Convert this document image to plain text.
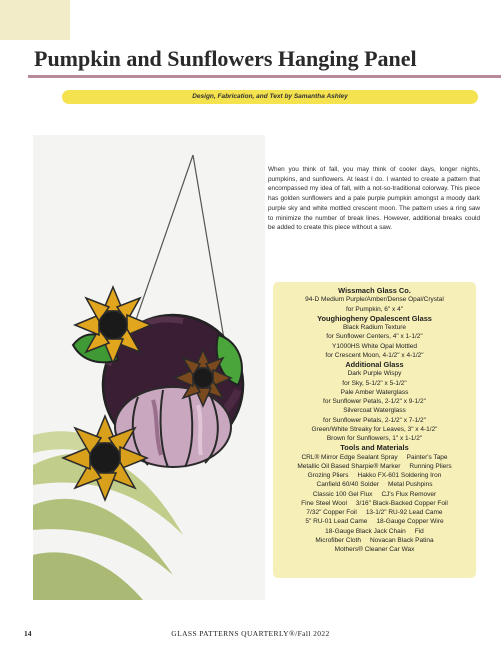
Pumpkin and Sunflowers Hanging Panel
Design, Fabrication, and Text by Samantha Ashley
When you think of fall, you may think of cooler days, longer nights, pumpkins, and sunflowers. At least I do. I wanted to create a pattern that encompassed my idea of fall, with a not-so-traditional colorway. This piece has golden sunflowers and a pale purple pumpkin amongst a moody dark purple sky and white mottled crescent moon. The pattern uses a ring saw to minimize the number of break lines. However, additional breaks could be added to create this piece without a saw.
Wissmach Glass Co.
94-D Medium Purple/Amber/Dense Opal/Crystal
for Pumpkin, 6" x 4"
Youghiogheny Opalescent Glass
Black Radium Texture
for Sunflower Centers, 4" x 1-1/2"
Y1000HS White Opal Mottled
for Crescent Moon, 4-1/2" x 4-1/2"
Additional Glass
Dark Purple Wispy
for Sky, 5-1/2" x 5-1/2"
Pale Amber Waterglass
for Sunflower Petals, 2-1/2" x 9-1/2"
Silvercoat Waterglass
for Sunflower Petals, 2-1/2" x 7-1/2"
Green/White Streaky for Leaves, 3" x 4-1/2"
Brown for Sunflowers, 1" x 1-1/2"
Tools and Materials
CRL® Mirror Edge Sealant Spray     Painter's Tape
Metallic Oil Based Sharpie® Marker     Running Pliers
Grozing Pliers     Hakko FX-601 Soldering Iron
Canfield 60/40 Solder     Metal Pushpins
Classic 100 Gel Flux     CJ's Flux Remover
Fine Steel Wool     3/16" Black-Backed Copper Foil
7/32" Copper Foil     13-1/2" RU-92 Lead Came
5" RU-01 Lead Came     18-Gauge Copper Wire
18-Gauge Black Jack Chain     Fid
Microfiber Cloth     Novacan Black Patina
Mothers® Cleaner Car Wax
GLASS PATTERNS QUARTERLY®/Fall 2022
14
